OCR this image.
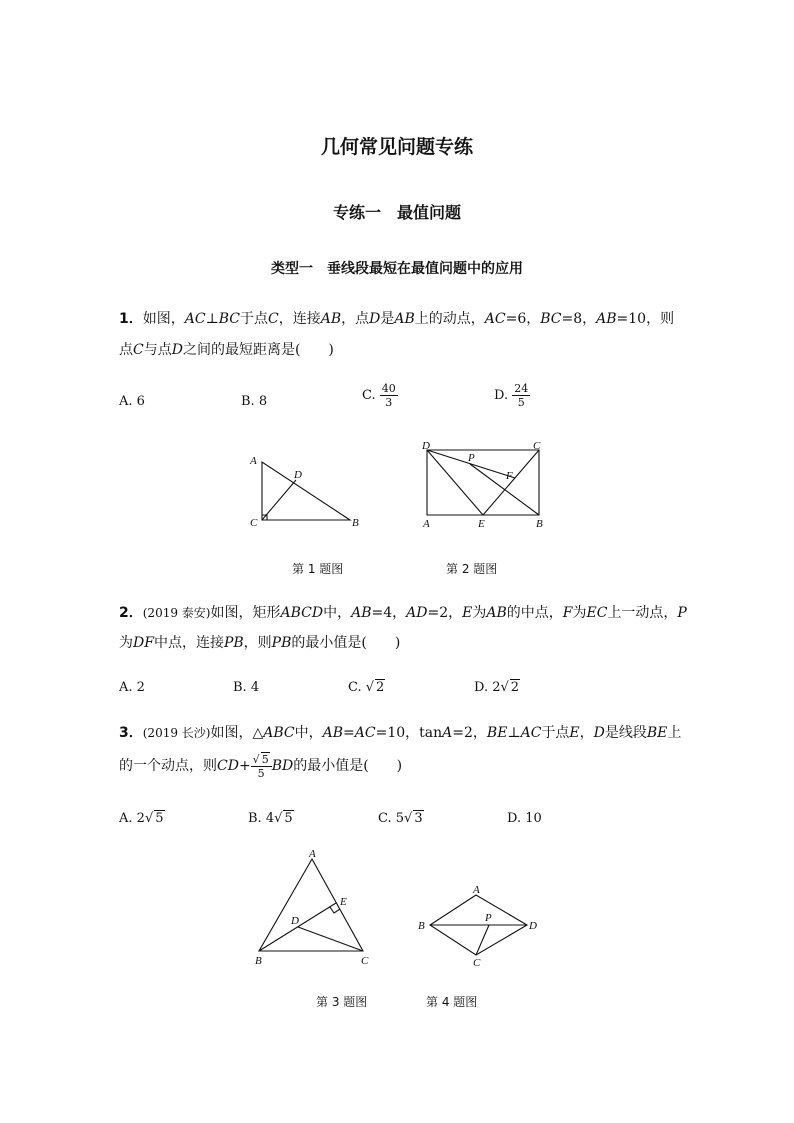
几何常见问题专练
专练一　最值问题
类型一　垂线段最短在最值问题中的应用
1．如图，AC⊥BC于点C，连接AB，点D是AB上的动点，AC=6，BC=8，AB=10，则
点C与点D之间的最短距离是(　　)
A. 6	B. 8	C. $\frac{40}{3}$	D. $\frac{24}{5}$
A
C	B
D
D	C
A	E	B
P
F
第 1 题图	第 2 题图
2．(2019 泰安)如图，矩形ABCD中，AB=4，AD=2，E为AB的中点，F为EC上一动点，P
为DF中点，连接PB，则PB的最小值是(　　)
A. 2	B. 4	C. √ 2	D. 2√ 2
3．(2019 长沙)如图，△ABC中，AB=AC=10，tanA=2，BE⊥AC于点E，D是线段BE上
的一个动点，则$CD+ \frac{√ 5}{5}$ BD的最小值是(　　)
A. 2√ 5	B. 4√ 5	C. 5√ 3	D. 10
A
B	C
D
E
A
B
C
D
P
第 3 题图	第 4 题图
